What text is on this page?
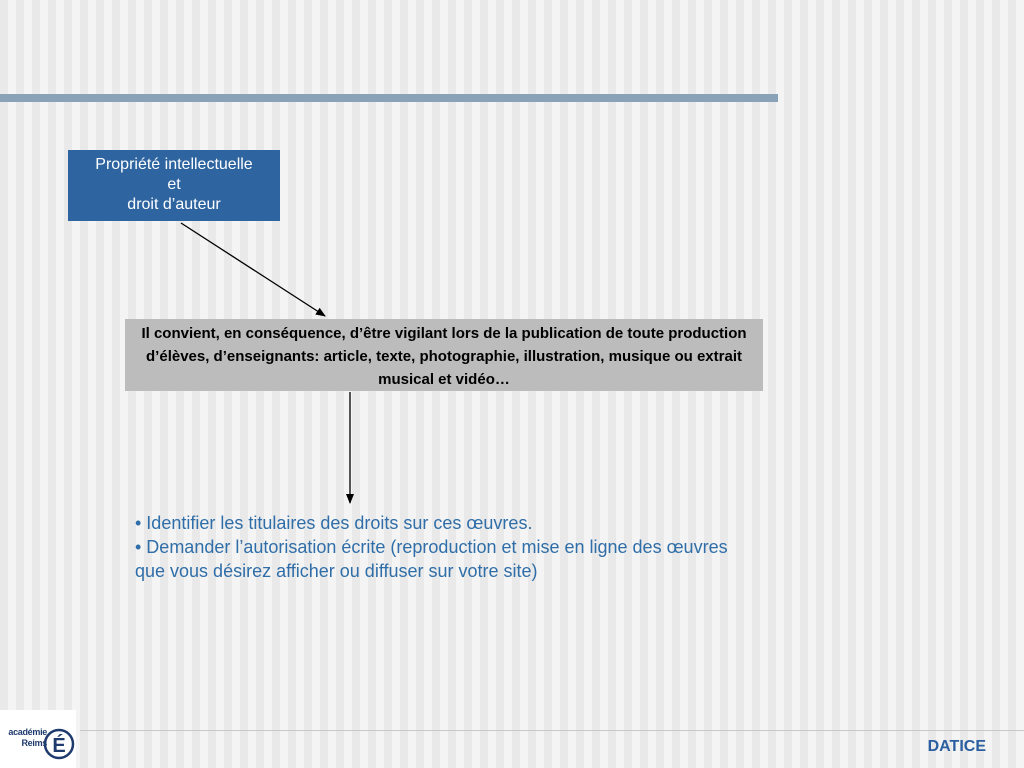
Propriété intellectuelle
et
droit d’auteur
Il convient, en conséquence, d’être vigilant lors de la publication de toute production d’élèves, d’enseignants: article, texte, photographie, illustration, musique ou extrait musical et vidéo…
• Identifier les titulaires des droits sur ces œuvres.
• Demander l’autorisation écrite (reproduction et mise en ligne des œuvres que vous désirez afficher ou diffuser sur votre site)
académie
Reims É	DATICE
